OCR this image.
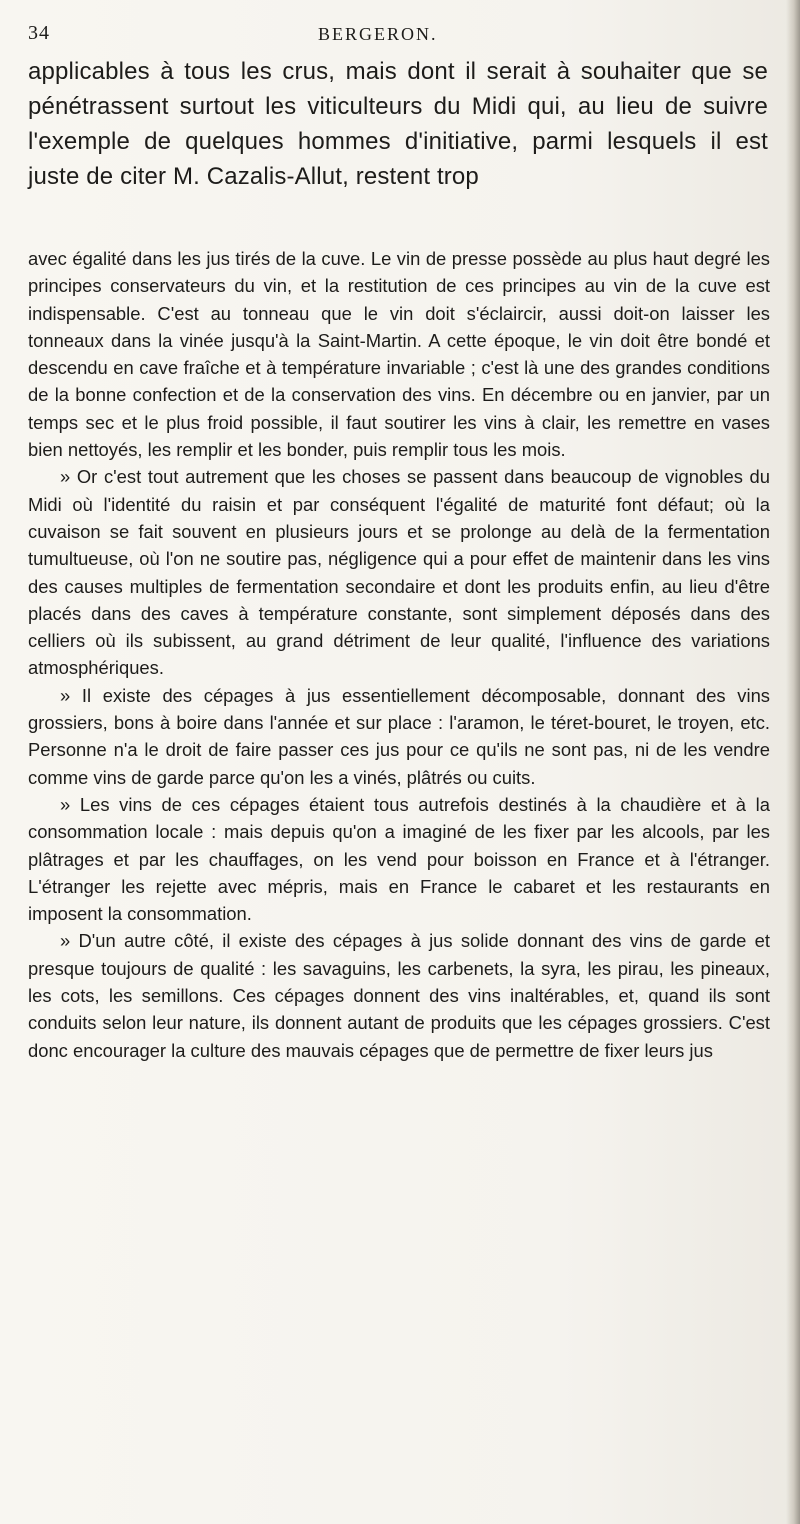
34	BERGERON.
applicables à tous les crus, mais dont il serait à souhaiter que se pénétrassent surtout les viticulteurs du Midi qui, au lieu de suivre l'exemple de quelques hommes d'initiative, parmi lesquels il est juste de citer M. Cazalis-Allut, restent trop

avec égalité dans les jus tirés de la cuve. Le vin de presse possède au plus haut degré les principes conservateurs du vin, et la restitution de ces principes au vin de la cuve est indispensable. C'est au tonneau que le vin doit s'éclaircir, aussi doit-on laisser les tonneaux dans la vinée jusqu'à la Saint-Martin. A cette époque, le vin doit être bondé et descendu en cave fraîche et à température invariable ; c'est là une des grandes conditions de la bonne confection et de la conservation des vins. En décembre ou en janvier, par un temps sec et le plus froid possible, il faut soutirer les vins à clair, les remettre en vases bien nettoyés, les remplir et les bonder, puis remplir tous les mois.

» Or c'est tout autrement que les choses se passent dans beaucoup de vignobles du Midi où l'identité du raisin et par conséquent l'égalité de maturité font défaut; où la cuvaison se fait souvent en plusieurs jours et se prolonge au delà de la fermentation tumultueuse, où l'on ne soutire pas, négligence qui a pour effet de maintenir dans les vins des causes multiples de fermentation secondaire et dont les produits enfin, au lieu d'être placés dans des caves à température constante, sont simplement déposés dans des celliers où ils subissent, au grand détriment de leur qualité, l'influence des variations atmosphériques.

» Il existe des cépages à jus essentiellement décomposable, donnant des vins grossiers, bons à boire dans l'année et sur place : l'aramon, le téret-bouret, le troyen, etc. Personne n'a le droit de faire passer ces jus pour ce qu'ils ne sont pas, ni de les vendre comme vins de garde parce qu'on les a vinés, plâtrés ou cuits.

» Les vins de ces cépages étaient tous autrefois destinés à la chaudière et à la consommation locale : mais depuis qu'on a imaginé de les fixer par les alcools, par les plâtrages et par les chauffages, on les vend pour boisson en France et à l'étranger. L'étranger les rejette avec mépris, mais en France le cabaret et les restaurants en imposent la consommation.

» D'un autre côté, il existe des cépages à jus solide donnant des vins de garde et presque toujours de qualité : les savaguins, les carbenets, la syra, les pirau, les pineaux, les cots, les semillons. Ces cépages donnent des vins inaltérables, et, quand ils sont conduits selon leur nature, ils donnent autant de produits que les cépages grossiers. C'est donc encourager la culture des mauvais cépages que de permettre de fixer leurs jus
